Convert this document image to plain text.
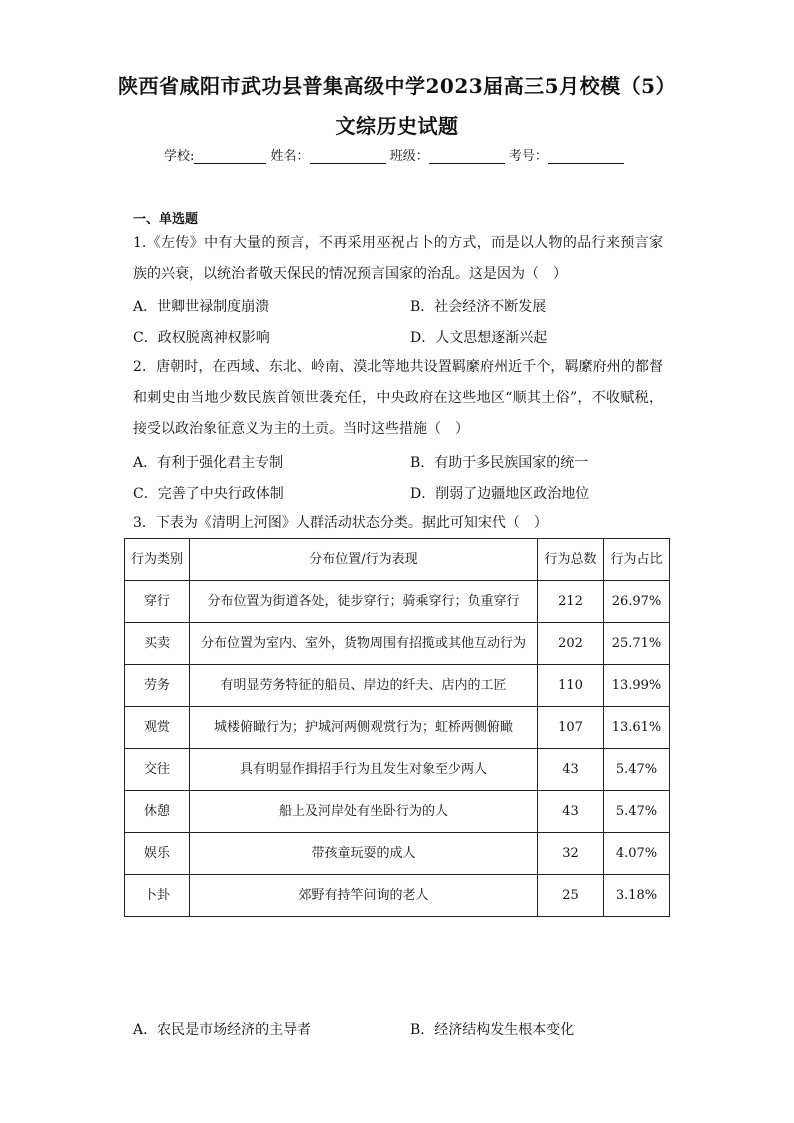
陕西省咸阳市武功县普集高级中学2023届高三5月校模（5）
文综历史试题
学校:	姓名：	班级：	考号：
一、单选题
1.《左传》中有大量的预言，不再采用巫祝占卜的方式，而是以人物的品行来预言家族的兴衰，以统治者敬天保民的情况预言国家的治乱。这是因为（　）
A．世卿世禄制度崩溃	B．社会经济不断发展
C．政权脱离神权影响	D．人文思想逐渐兴起
2．唐朝时，在西域、东北、岭南、漠北等地共设置羁縻府州近千个，羁縻府州的都督和刺史由当地少数民族首领世袭充任，中央政府在这些地区“顺其土俗”，不收赋税，接受以政治象征意义为主的土贡。当时这些措施（　）
A．有利于强化君主专制	B．有助于多民族国家的统一
C．完善了中央行政体制	D．削弱了边疆地区政治地位
3．下表为《清明上河图》人群活动状态分类。据此可知宋代（　）
行为类别	分布位置/行为表现	行为总数	行为占比
穿行	分布位置为街道各处，徒步穿行；骑乘穿行；负重穿行	212	26.97%
买卖	分布位置为室内、室外，货物周围有招揽或其他互动行为	202	25.71%
劳务	有明显劳务特征的船员、岸边的纤夫、店内的工匠	110	13.99%
观赏	城楼俯瞰行为；护城河两侧观赏行为；虹桥两侧俯瞰	107	13.61%
交往	具有明显作揖招手行为且发生对象至少两人	43	5.47%
休憩	船上及河岸处有坐卧行为的人	43	5.47%
娱乐	带孩童玩耍的成人	32	4.07%
卜卦	郊野有持竿问询的老人	25	3.18%
A．农民是市场经济的主导者	B．经济结构发生根本变化
